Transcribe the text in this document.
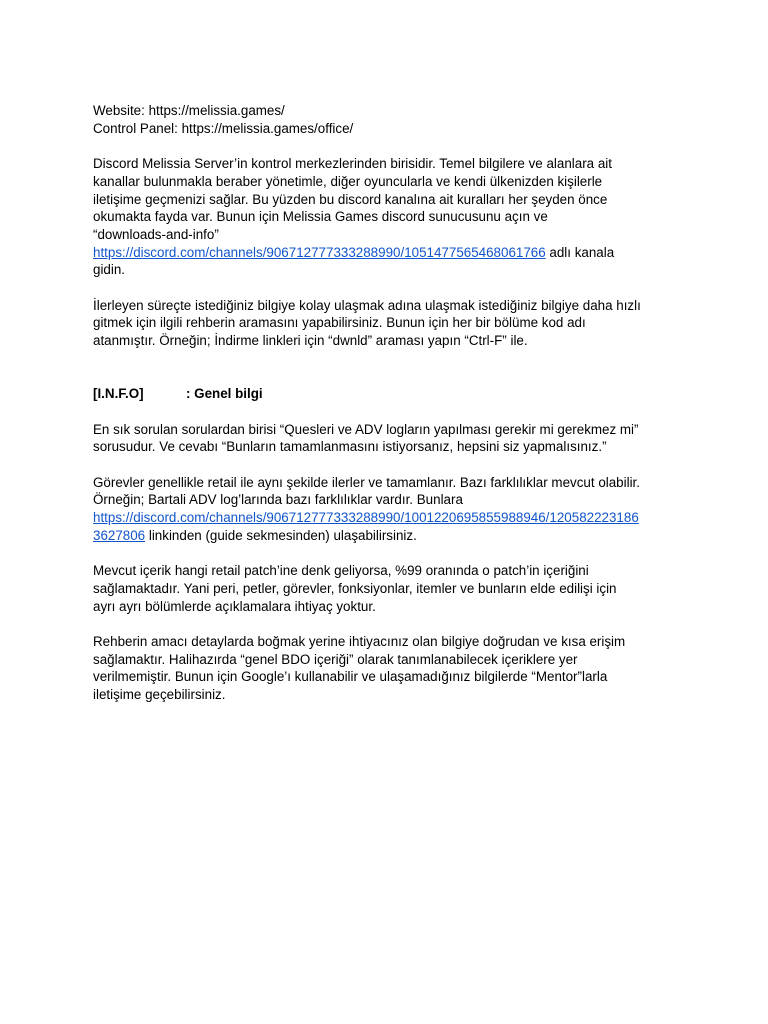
Website: https://melissia.games/
Control Panel: https://melissia.games/office/
Discord Melissia Server’in kontrol merkezlerinden birisidir. Temel bilgilere ve alanlara ait
kanallar bulunmakla beraber yönetimle, diğer oyuncularla ve kendi ülkenizden kişilerle
iletişime geçmenizi sağlar. Bu yüzden bu discord kanalına ait kuralları her şeyden önce
okumakta fayda var. Bunun için Melissia Games discord sunucusunu açın ve
“downloads-and-info”
https://discord.com/channels/906712777333288990/1051477565468061766 adlı kanala
gidin.
İlerleyen süreçte istediğiniz bilgiye kolay ulaşmak adına ulaşmak istediğiniz bilgiye daha hızlı
gitmek için ilgili rehberin aramasını yapabilirsiniz. Bunun için her bir bölüme kod adı
atanmıştır. Örneğin; İndirme linkleri için “dwnld” araması yapın “Ctrl-F” ile.
[I.N.F.O]	: Genel bilgi
En sık sorulan sorulardan birisi “Quesleri ve ADV logların yapılması gerekir mi gerekmez mi”
sorusudur. Ve cevabı “Bunların tamamlanmasını istiyorsanız, hepsini siz yapmalısınız.”
Görevler genellikle retail ile aynı şekilde ilerler ve tamamlanır. Bazı farklılıklar mevcut olabilir.
Örneğin; Bartali ADV log’larında bazı farklılıklar vardır. Bunlara
https://discord.com/channels/906712777333288990/1001220695855988946/120582223186
3627806 linkinden (guide sekmesinden) ulaşabilirsiniz.
Mevcut içerik hangi retail patch’ine denk geliyorsa, %99 oranında o patch’in içeriğini
sağlamaktadır. Yani peri, petler, görevler, fonksiyonlar, itemler ve bunların elde edilişi için
ayrı ayrı bölümlerde açıklamalara ihtiyaç yoktur.
Rehberin amacı detaylarda boğmak yerine ihtiyacınız olan bilgiye doğrudan ve kısa erişim
sağlamaktır. Halihazırda “genel BDO içeriği” olarak tanımlanabilecek içeriklere yer
verilmemiştir. Bunun için Google’ı kullanabilir ve ulaşamadığınız bilgilerde “Mentor”larla
iletişime geçebilirsiniz.
